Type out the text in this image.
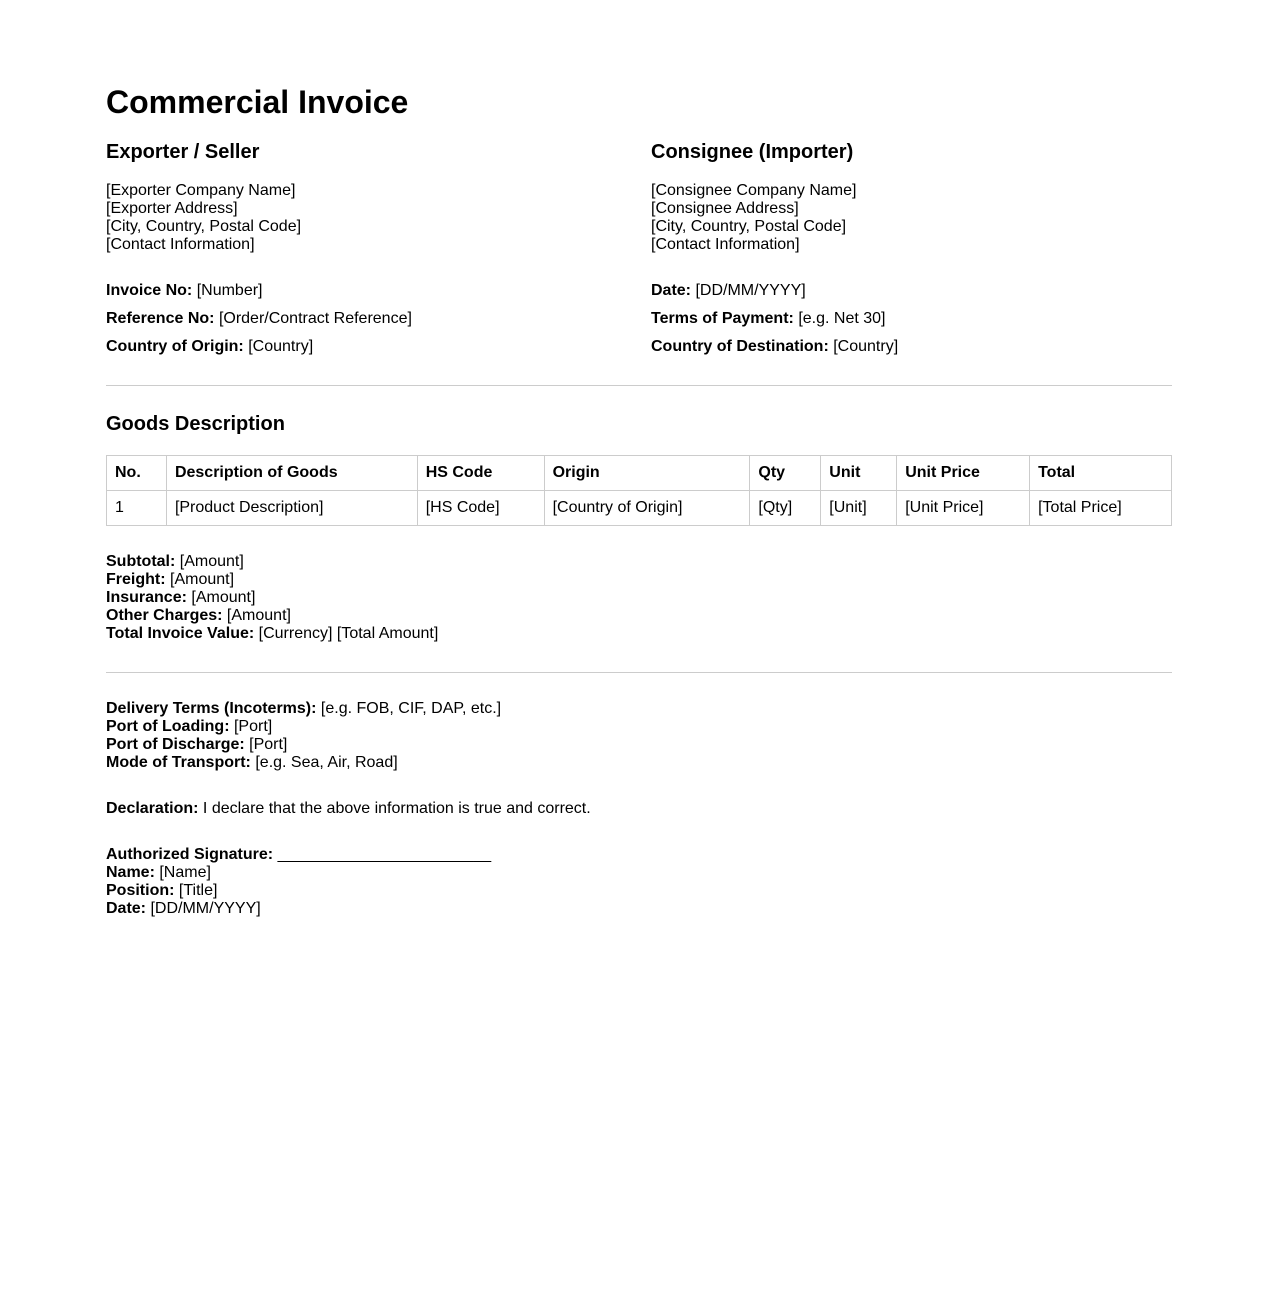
Commercial Invoice
Exporter / Seller
[Exporter Company Name]
[Exporter Address]
[City, Country, Postal Code]
[Contact Information]
Invoice No: [Number]
Reference No: [Order/Contract Reference]
Country of Origin: [Country]
Consignee (Importer)
[Consignee Company Name]
[Consignee Address]
[City, Country, Postal Code]
[Contact Information]
Date: [DD/MM/YYYY]
Terms of Payment: [e.g. Net 30]
Country of Destination: [Country]
Goods Description
No.	Description of Goods	HS Code	Origin	Qty	Unit	Unit Price	Total
1	[Product Description]	[HS Code]	[Country of Origin]	[Qty]	[Unit]	[Unit Price]	[Total Price]
Subtotal: [Amount]
Freight: [Amount]
Insurance: [Amount]
Other Charges: [Amount]
Total Invoice Value: [Currency] [Total Amount]
Delivery Terms (Incoterms): [e.g. FOB, CIF, DAP, etc.]
Port of Loading: [Port]
Port of Discharge: [Port]
Mode of Transport: [e.g. Sea, Air, Road]
Declaration: I declare that the above information is true and correct.
Authorized Signature: ________________________
Name: [Name]
Position: [Title]
Date: [DD/MM/YYYY]
